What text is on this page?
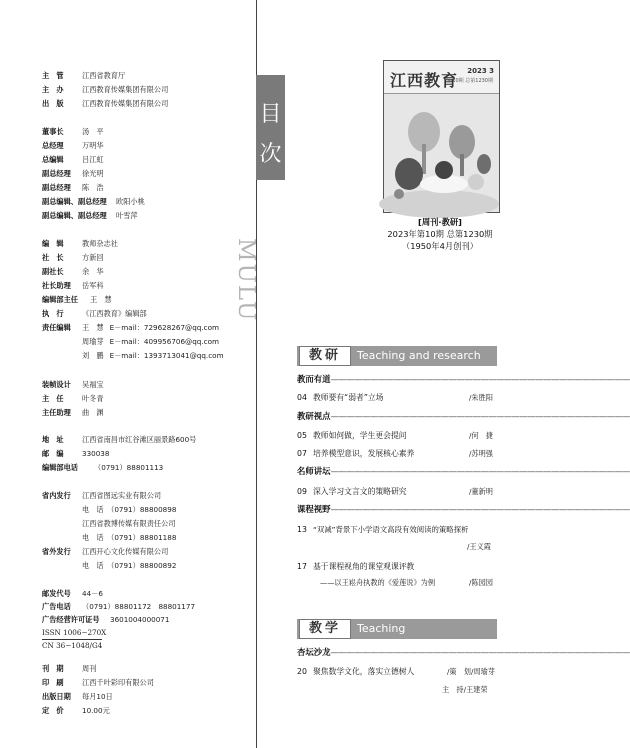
主　管	江西省教育厅
主　办	江西教育传媒集团有限公司
出　版	江西教育传媒集团有限公司
董事长	汤　平
总经理	万明华
总编辑	吕江虹
副总经理 徐光明
副总经理 陈　浩
副总编辑、副总经理 欧阳小桃
副总编辑、副总经理 叶雪萍
编　辑	教师杂志社
社　长	方新回
副社长	余　华
社长助理 岳军科
编辑部主任 王　慧
执　行	《江西教育》编辑部
责任编辑 王　慧 E－mail：729628267@qq.com
周瑜芽 E－mail：409956706@qq.com
刘　鹏 E－mail：1393713041@qq.com
装帧设计 吴福宝
主　任	叶冬青
主任助理 曲　渊
地　址	江西省南昌市红谷滩区丽景路600号
邮　编	330038
编辑部电话 （0791）88801113
省内发行 江西省图远实业有限公司
电　话　（0791）88800898
江西省教博传媒有限责任公司
电　话　（0791）88801188
省外发行 江西开心文化传媒有限公司
电　话　（0791）88800892
邮发代号 44－6
广告电话 （0791）88801172　88801177
广告经营许可证号 3601004000071
ISSN 1006−270X
CN 36−1048/G4
刊　期	周刊
印　刷	江西千叶彩印有限公司
出版日期 每月10日
定　价	10.00元
目
次
MULU
江西教育 2023 3
第10期 总第1230期
[周刊·教研]
2023年第10期 总第1230期
（1950年4月创刊）
教研	Teaching and research
教而有道——————————————————————————————————————
04 教师要有“弱者”立场	/朱胜阳
教研视点——————————————————————————————————————
05 教师如何做，学生更会提问	/何　捷
07 培养模型意识，发展核心素养	/苏明强
名师讲坛——————————————————————————————————————
09 深入学习文言文的策略研究	/董新明
课程视野——————————————————————————————————————
13 “双减”背景下小学语文高段有效阅读的策略探析
/王义霞
17 基于课程视角的课堂观课评教
——以王崧舟执教的《爱莲说》为例	/陈园园
教学	Teaching
杏坛沙龙——————————————————————————————————————
20 聚焦数学文化，落实立德树人	/策　划/周瑜芽
主　持/王建荣
